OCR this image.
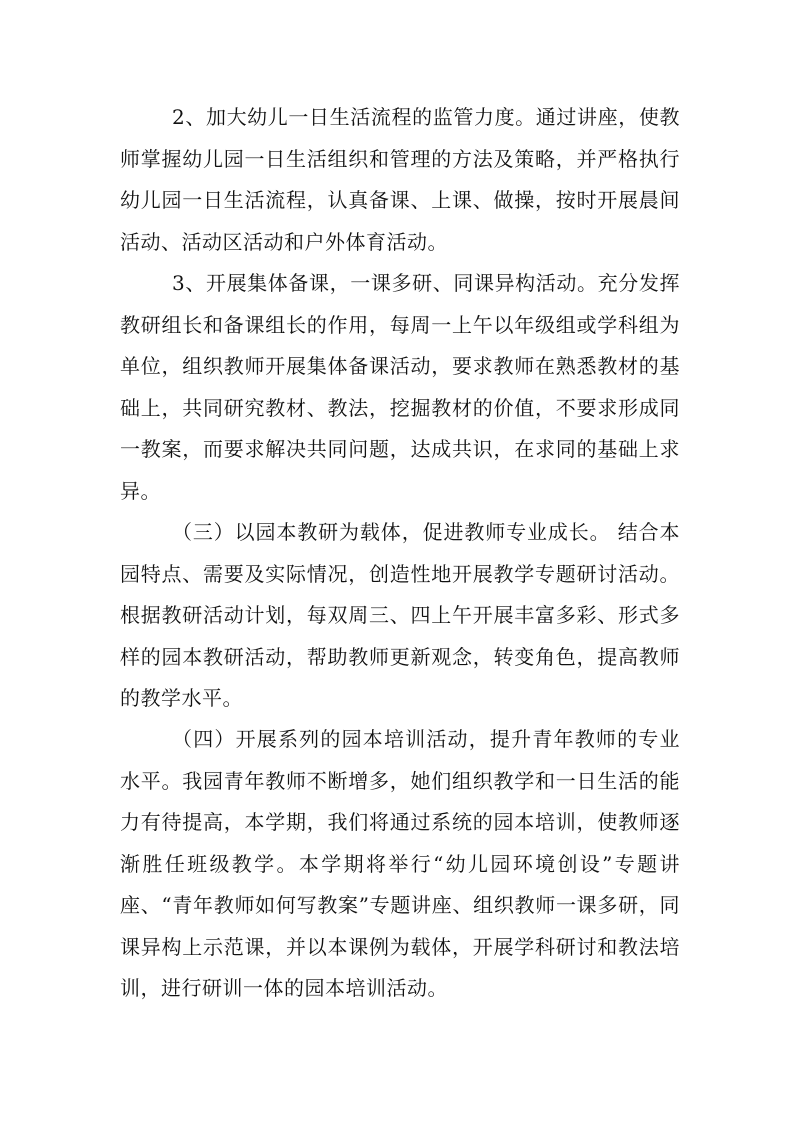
2、加大幼儿一日生活流程的监管力度。通过讲座，使教师掌握幼儿园一日生活组织和管理的方法及策略，并严格执行幼儿园一日生活流程，认真备课、上课、做操，按时开展晨间活动、活动区活动和户外体育活动。

3、开展集体备课，一课多研、同课异构活动。充分发挥教研组长和备课组长的作用，每周一上午以年级组或学科组为单位，组织教师开展集体备课活动，要求教师在熟悉教材的基础上，共同研究教材、教法，挖掘教材的价值，不要求形成同一教案，而要求解决共同问题，达成共识，在求同的基础上求异。

（三）以园本教研为载体，促进教师专业成长。 结合本园特点、需要及实际情况，创造性地开展教学专题研讨活动。根据教研活动计划，每双周三、四上午开展丰富多彩、形式多样的园本教研活动，帮助教师更新观念，转变角色，提高教师的教学水平。

（四）开展系列的园本培训活动，提升青年教师的专业水平。我园青年教师不断增多，她们组织教学和一日生活的能力有待提高，本学期，我们将通过系统的园本培训，使教师逐渐胜任班级教学。本学期将举行“幼儿园环境创设”专题讲座、“青年教师如何写教案”专题讲座、组织教师一课多研，同课异构上示范课，并以本课例为载体，开展学科研讨和教法培训，进行研训一体的园本培训活动。
